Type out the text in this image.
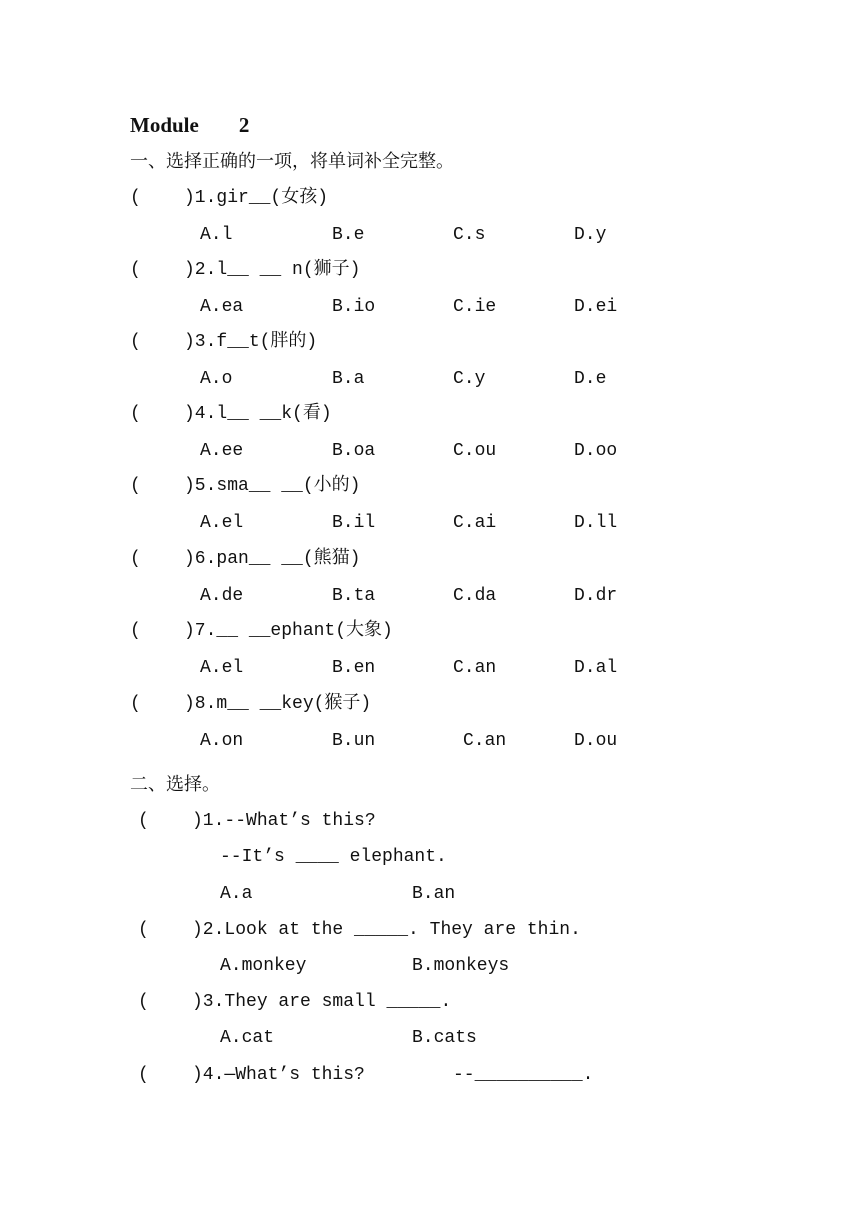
Module 2
一、选择正确的一项，将单词补全完整。
(    )1.gir__(女孩)
A.l	B.e	C.s	D.y
(    )2.l__ __ n(狮子)
A.ea	B.io	C.ie	D.ei
(    )3.f__t(胖的)
A.o	B.a	C.y	D.e
(    )4.l__ __k(看)
A.ee	B.oa	C.ou	D.oo
(    )5.sma__ __(小的)
A.el	B.il	C.ai	D.ll
(    )6.pan__ __(熊猫)
A.de	B.ta	C.da	D.dr
(    )7.__ __ephant(大象)
A.el	B.en	C.an	D.al
(    )8.m__ __key(猴子)
A.on	B.un	C.an	D.ou
二、选择。
(    )1.--What’s this?
--It’s ____ elephant.
A.a	B.an
(    )2.Look at the _____. They are thin.
A.monkey	B.monkeys
(    )3.They are small _____.
A.cat	B.cats
(    )4.—What’s this?	--__________.
